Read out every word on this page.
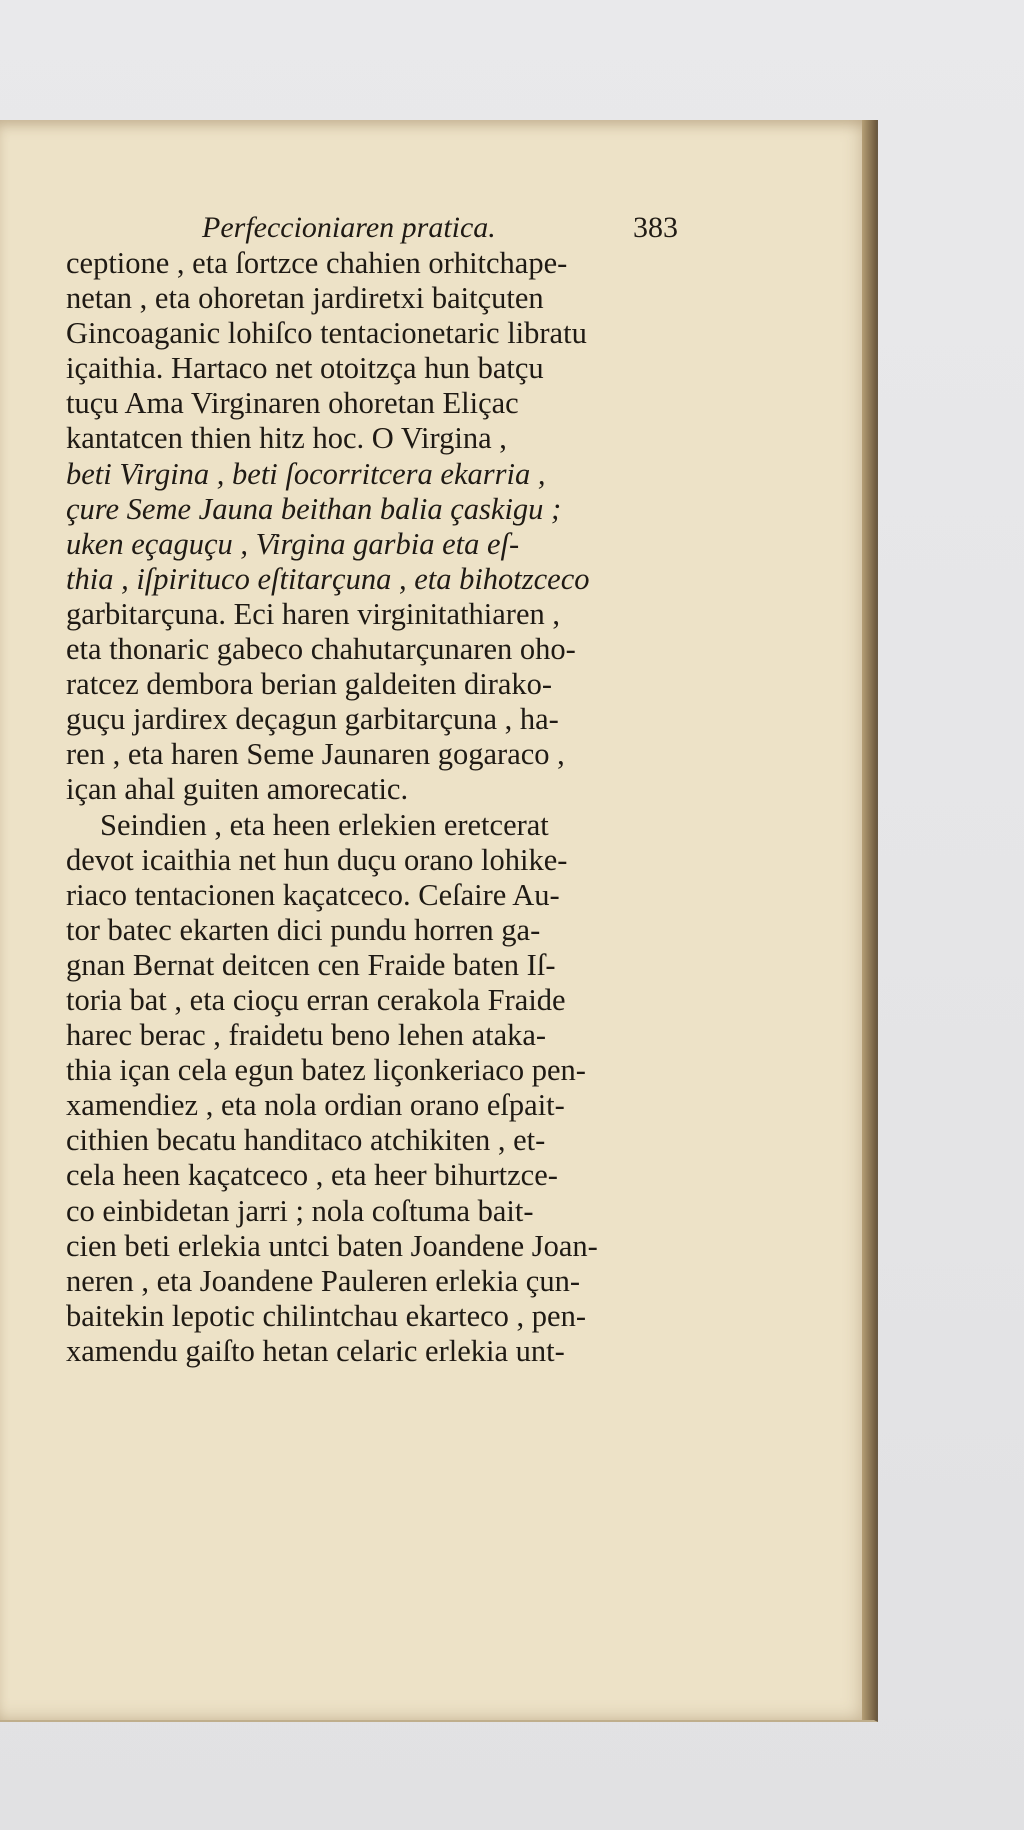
Perfeccioniaren pratica.	383
ceptione , eta ſortzce chahien orhitchape-
netan , eta ohoretan jardiretxi baitçuten
Gincoaganic lohiſco tentacionetaric libratu
içaithia. Hartaco net otoitzça hun batçu
tuçu Ama Virginaren ohoretan Eliçac
kantatcen thien hitz hoc. O Virgina ,
beti Virgina , beti ſocorritcera ekarria ,
çure Seme Jauna beithan balia çaskigu ;
uken eçaguçu , Virgina garbia eta eſ-
thia , iſpirituco eſtitarçuna , eta bihotzceco
garbitarçuna. Eci haren virginitathiaren ,
eta thonaric gabeco chahutarçunaren oho-
ratcez dembora berian galdeiten dirako-
guçu jardirex deçagun garbitarçuna , ha-
ren , eta haren Seme Jaunaren gogaraco ,
içan ahal guiten amorecatic.
Seindien , eta heen erlekien eretcerat
devot icaithia net hun duçu orano lohike-
riaco tentacionen kaçatceco. Ceſaire Au-
tor batec ekarten dici pundu horren ga-
gnan Bernat deitcen cen Fraide baten Iſ-
toria bat , eta cioçu erran cerakola Fraide
harec berac , fraidetu beno lehen ataka-
thia içan cela egun batez liçonkeriaco pen-
xamendiez , eta nola ordian orano eſpait-
cithien becatu handitaco atchikiten , et-
cela heen kaçatceco , eta heer bihurtzce-
co einbidetan jarri ; nola coſtuma bait-
cien beti erlekia untci baten Joandene Joan-
neren , eta Joandene Pauleren erlekia çun-
baitekin lepotic chilintchau ekarteco , pen-
xamendu gaiſto hetan celaric erlekia unt-
